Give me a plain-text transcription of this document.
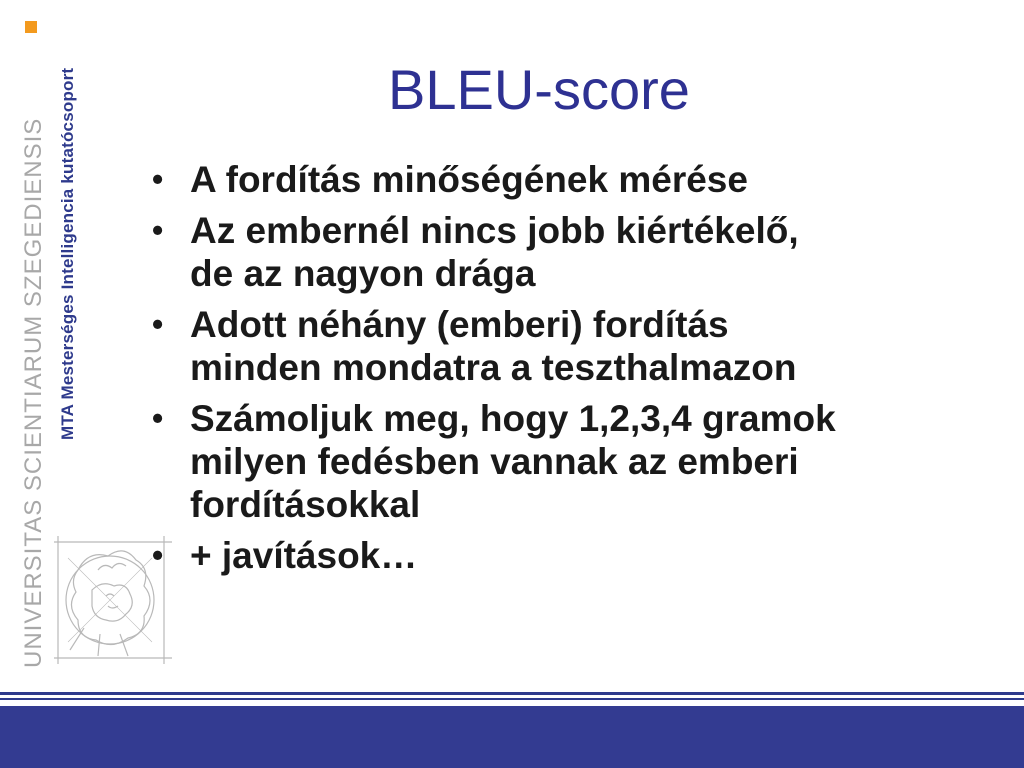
MTA Mesterséges Intelligencia kutatócsoport
UNIVERSITAS SCIENTIARUM SZEGEDIENSIS
BLEU-score
• A fordítás minőségének mérése
• Az embernél nincs jobb kiértékelő,
de az nagyon drága
• Adott néhány (emberi) fordítás
minden mondatra a teszthalmazon
• Számoljuk meg, hogy 1,2,3,4 gramok
milyen fedésben vannak az emberi
fordításokkal
• + javítások…
